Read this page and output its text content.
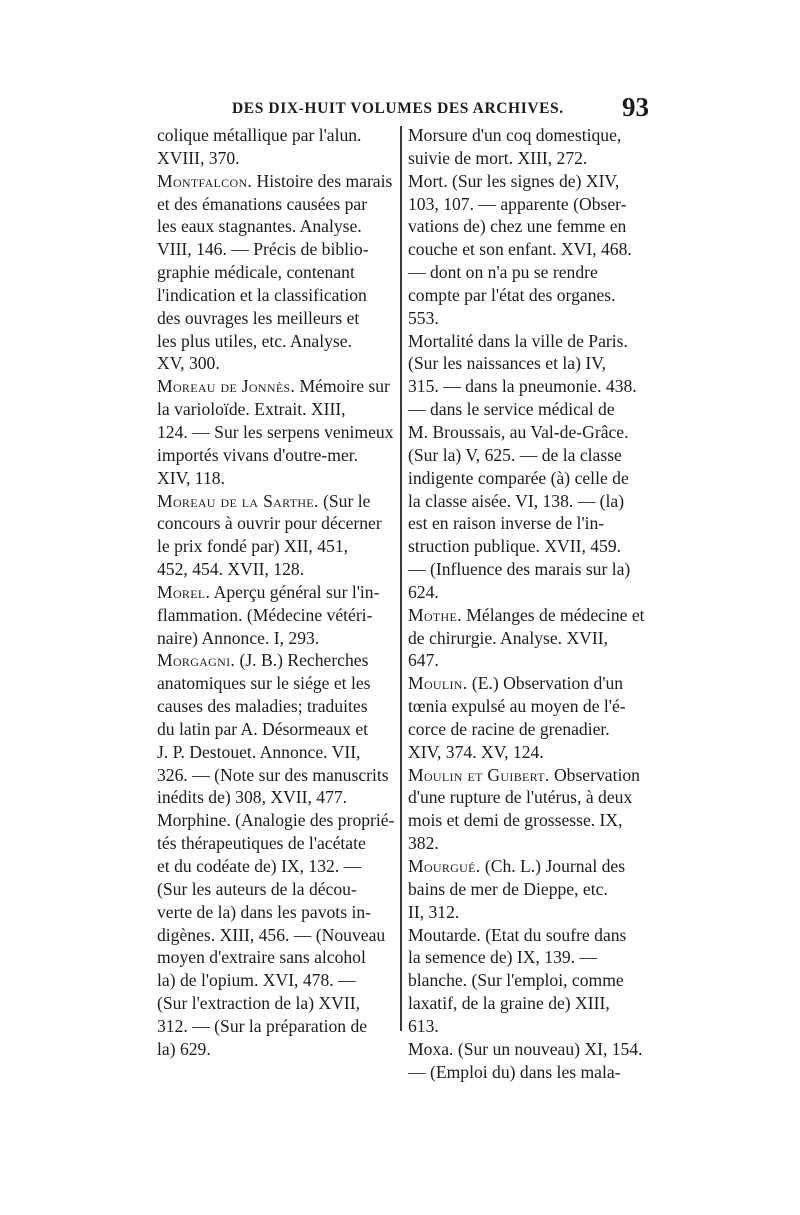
DES DIX-HUIT VOLUMES DES ARCHIVES.	93
colique métallique par l'alun.
XVIII, 370.
Montfalcon. Histoire des marais
et des émanations causées par
les eaux stagnantes. Analyse.
VIII, 146. — Précis de biblio-
graphie médicale, contenant
l'indication et la classification
des ouvrages les meilleurs et
les plus utiles, etc. Analyse.
XV, 300.
Moreau de Jonnès. Mémoire sur
la varioloïde. Extrait. XIII,
124. — Sur les serpens venimeux
importés vivans d'outre-mer.
XIV, 118.
Moreau de la Sarthe. (Sur le
concours à ouvrir pour décerner
le prix fondé par) XII, 451,
452, 454. XVII, 128.
Morel. Aperçu général sur l'in-
flammation. (Médecine vétéri-
naire) Annonce. I, 293.
Morgagni. (J. B.) Recherches
anatomiques sur le siége et les
causes des maladies; traduites
du latin par A. Désormeaux et
J. P. Destouet. Annonce. VII,
326. — (Note sur des manuscrits
inédits de) 308, XVII, 477.
Morphine. (Analogie des proprié-
tés thérapeutiques de l'acétate
et du codéate de) IX, 132. —
(Sur les auteurs de la décou-
verte de la) dans les pavots in-
digènes. XIII, 456. — (Nouveau
moyen d'extraire sans alcohol
la) de l'opium. XVI, 478. —
(Sur l'extraction de la) XVII,
312. — (Sur la préparation de
la) 629.
Morsure d'un coq domestique,
suivie de mort. XIII, 272.
Mort. (Sur les signes de) XIV,
103, 107. — apparente (Obser-
vations de) chez une femme en
couche et son enfant. XVI, 468.
— dont on n'a pu se rendre
compte par l'état des organes.
553.
Mortalité dans la ville de Paris.
(Sur les naissances et la) IV,
315. — dans la pneumonie. 438.
— dans le service médical de
M. Broussais, au Val-de-Grâce.
(Sur la) V, 625. — de la classe
indigente comparée (à) celle de
la classe aisée. VI, 138. — (la)
est en raison inverse de l'in-
struction publique. XVII, 459.
— (Influence des marais sur la)
624.
Mothe. Mélanges de médecine et
de chirurgie. Analyse. XVII,
647.
Moulin. (E.) Observation d'un
tœnia expulsé au moyen de l'é-
corce de racine de grenadier.
XIV, 374. XV, 124.
Moulin et Guibert. Observation
d'une rupture de l'utérus, à deux
mois et demi de grossesse. IX,
382.
Mourgué. (Ch. L.) Journal des
bains de mer de Dieppe, etc.
II, 312.
Moutarde. (Etat du soufre dans
la semence de) IX, 139. —
blanche. (Sur l'emploi, comme
laxatif, de la graine de) XIII,
613.
Moxa. (Sur un nouveau) XI, 154.
— (Emploi du) dans les mala-
